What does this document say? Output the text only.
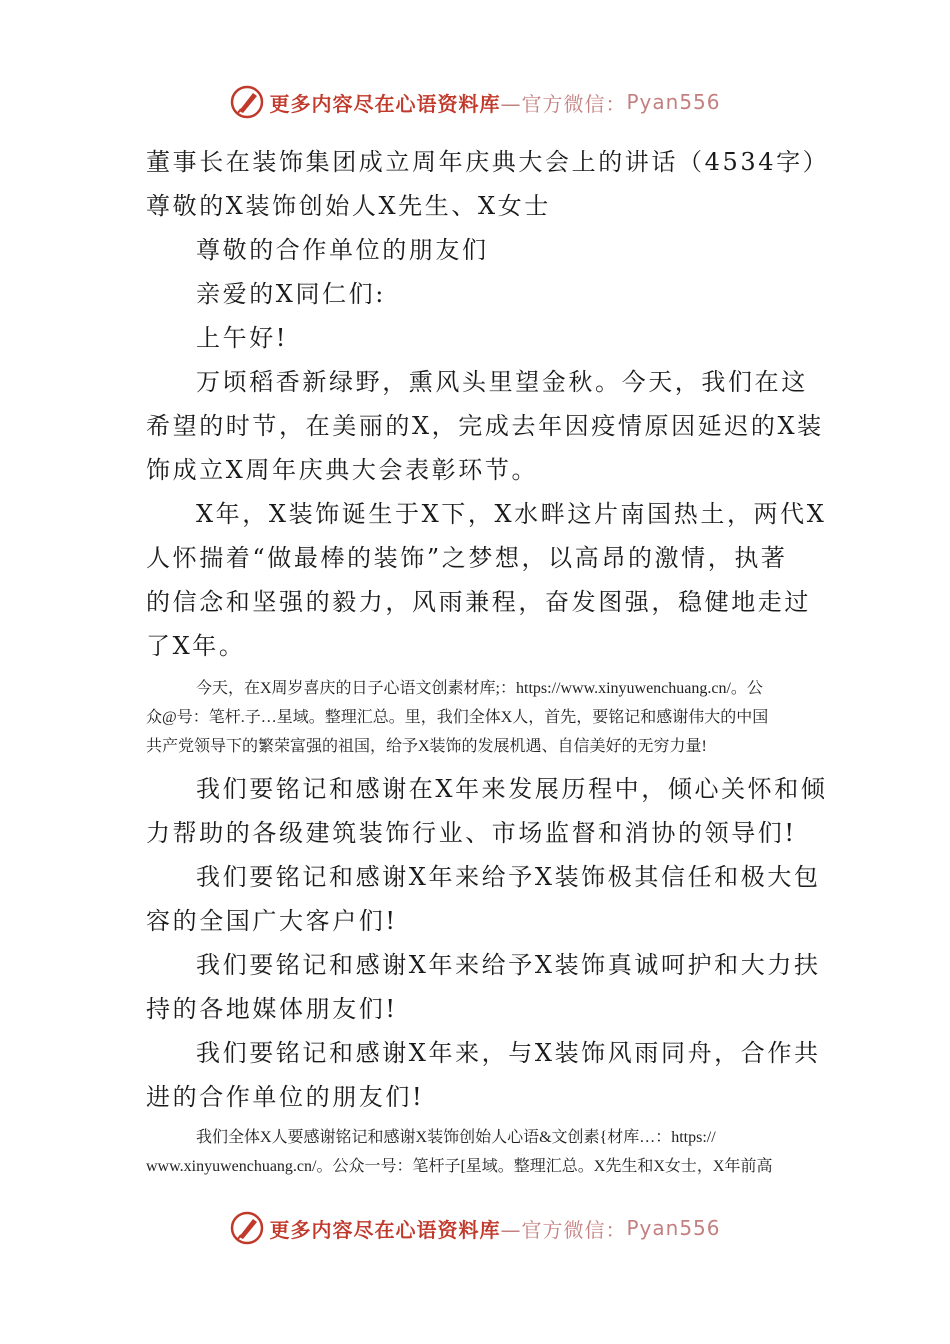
更多内容尽在心语资料库 —官方微信： Pyan556
董事长在装饰集团成立周年庆典大会上的讲话（4534字）
尊敬的X装饰创始人X先生、X女士
尊敬的合作单位的朋友们
亲爱的X同仁们:
上午好!
万顷稻香新绿野，熏风头里望金秋。今天，我们在这
希望的时节，在美丽的X，完成去年因疫情原因延迟的X装
饰成立X周年庆典大会表彰环节。
X年，X装饰诞生于X下，X水畔这片南国热土，两代X
人怀揣着“做最棒的装饰”之梦想，以高昂的激情，执著
的信念和坚强的毅力，风雨兼程，奋发图强，稳健地走过
了X年。
今天，在X周岁喜庆的日子心语文创素材库;：https://www.xinyuwenchuang.cn/。公
众@号：笔杆.子…星域。整理汇总。里，我们全体X人，首先，要铭记和感谢伟大的中国
共产党领导下的繁荣富强的祖国，给予X装饰的发展机遇、自信美好的无穷力量!
我们要铭记和感谢在X年来发展历程中，倾心关怀和倾
力帮助的各级建筑装饰行业、市场监督和消协的领导们!
我们要铭记和感谢X年来给予X装饰极其信任和极大包
容的全国广大客户们!
我们要铭记和感谢X年来给予X装饰真诚呵护和大力扶
持的各地媒体朋友们!
我们要铭记和感谢X年来，与X装饰风雨同舟，合作共
进的合作单位的朋友们!
我们全体X人要感谢铭记和感谢X装饰创始人心语&文创素{材库…：https://
www.xinyuwenchuang.cn/。公众一号：笔杆子[星域。整理汇总。X先生和X女士，X年前高
更多内容尽在心语资料库 —官方微信： Pyan556
